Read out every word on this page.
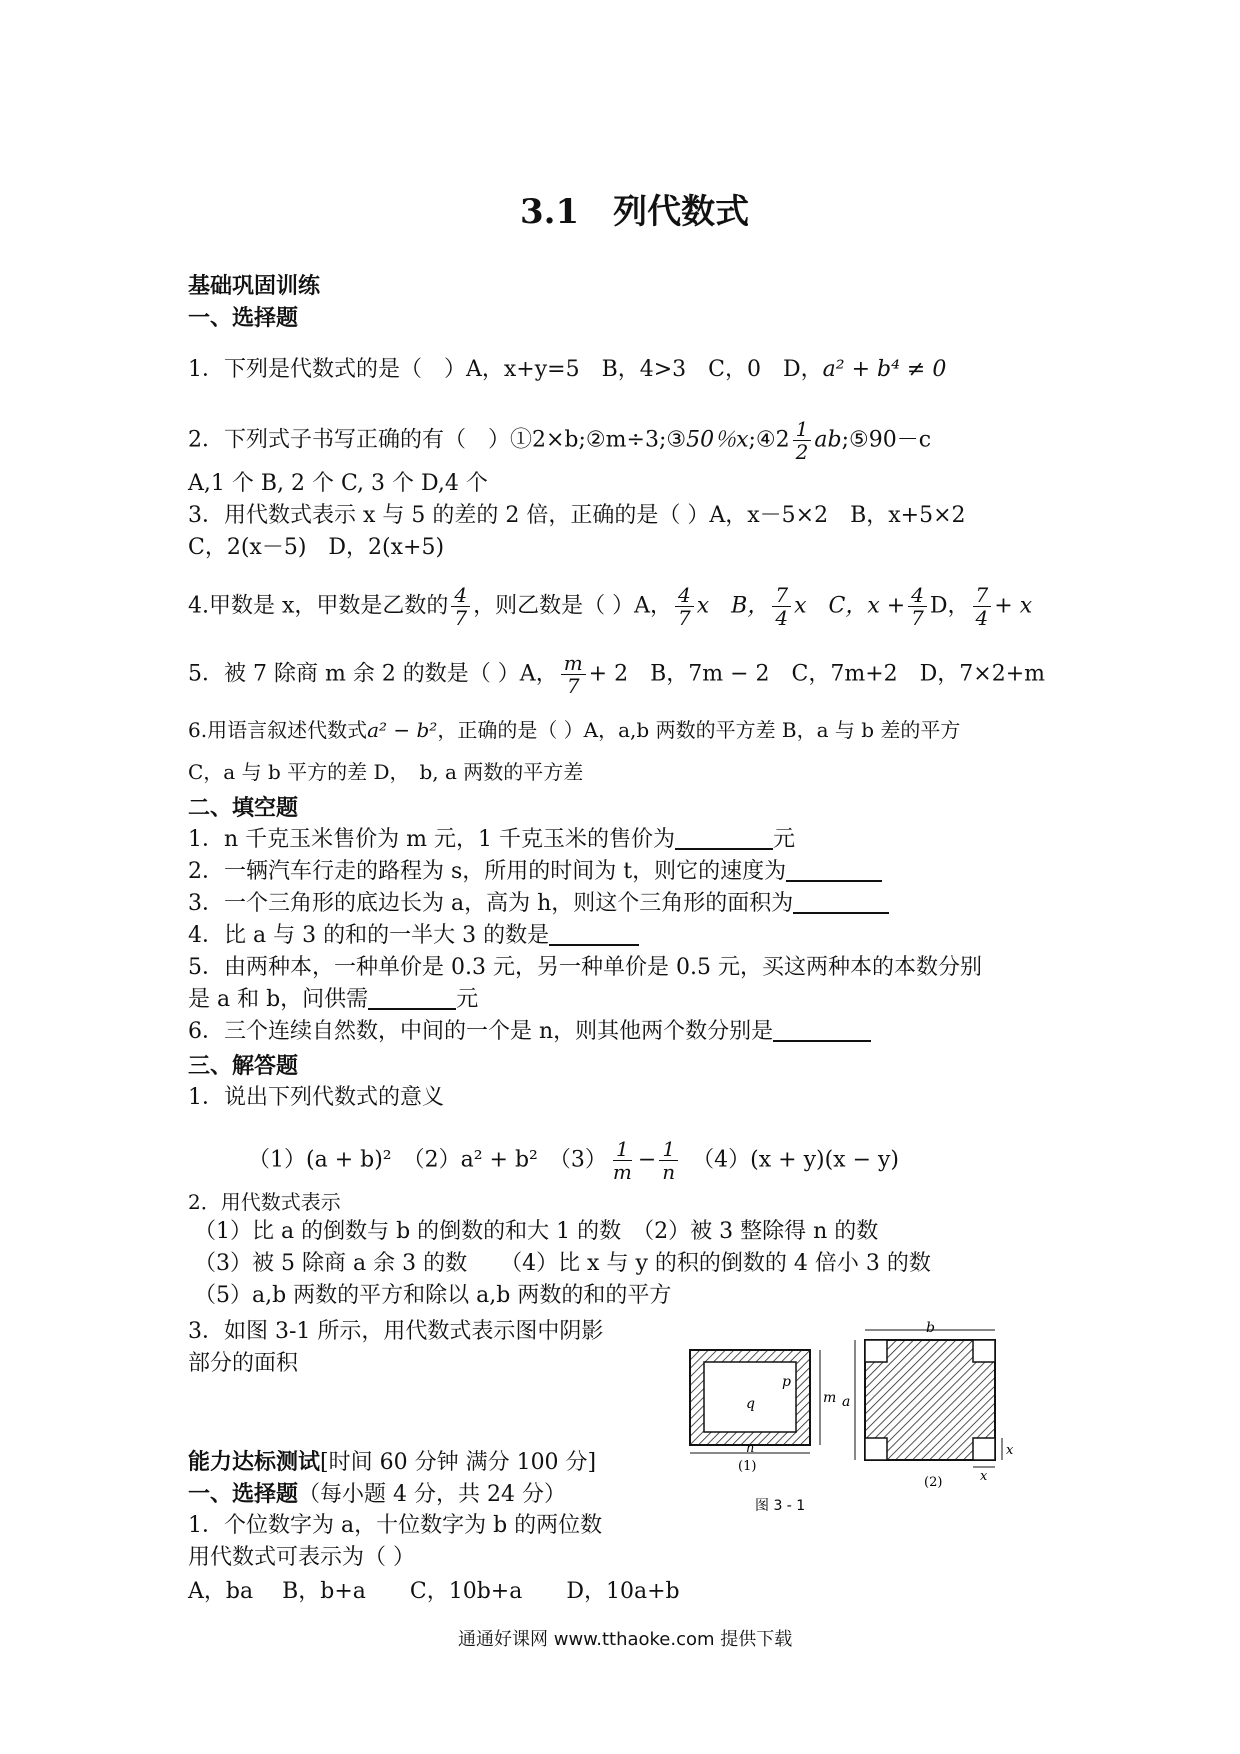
3.1　列代数式
基础巩固训练
一、选择题
1．下列是代数式的是（　）A，x+y=5　B，4>3　C，0　D，a² + b⁴ ≠ 0
2．下列式子书写正确的有（　）①2×b;②m÷3;③50％x;④2 $\frac{1}{2}$ ab;⑤90－c
A,1 个 B, 2 个 C, 3 个 D,4 个
3．用代数式表示 x 与 5 的差的 2 倍，正确的是（ ）A，x－5×2　B，x+5×2
C，2(x－5)　D，2(x+5)
4.甲数是 x，甲数是乙数的 $\frac{4}{7}$ ，则乙数是（ ）A， $\frac{4}{7}$ x　B， $\frac{7}{4}$ x　C，$x + \frac{4}{7}$ D， $\frac{7}{4} + x$
5．被 7 除商 m 余 2 的数是（ ）A， $\frac{m}{7} + 2$　B，7m − 2　C，7m+2　D，7×2+m
6.用语言叙述代数式a² − b²，正确的是（ ）A，a,b 两数的平方差 B，a 与 b 差的平方
C，a 与 b 平方的差 D，　b, a 两数的平方差
二、填空题
1．n 千克玉米售价为 m 元，1 千克玉米的售价为	元
2．一辆汽车行走的路程为 s，所用的时间为 t，则它的速度为
3．一个三角形的底边长为 a，高为 h，则这个三角形的面积为
4．比 a 与 3 的和的一半大 3 的数是
5．由两种本，一种单价是 0.3 元，另一种单价是 0.5 元，买这两种本的本数分别
是 a 和 b，问供需	元
6．三个连续自然数，中间的一个是 n，则其他两个数分别是
三、解答题
1．说出下列代数式的意义
（1）(a + b)²　（2）a² + b²　$(3) \frac{1}{m} - \frac{1}{n}$
　 （4）(x + y)(x − y)
2．用代数式表示
（1）比 a 的倒数与 b 的倒数的和大 1 的数　（2）被 3 整除得 n 的数
（3）被 5 除商 a 余 3 的数　　（4）比 x 与 y 的积的倒数的 4 倍小 3 的数
（5）a,b 两数的平方和除以 a,b 两数的和的平方
3．如图 3-1 所示，用代数式表示图中阴影
部分的面积
能力达标测试[时间 60 分钟 满分 100 分]
一、选择题（每小题 4 分，共 24 分）
1．个位数字为 a，十位数字为 b 的两位数
用代数式可表示为（ ）
A，ba　 B，b+a　　C，10b+a　　D，10a+b
p
q	m
n
(1)
b
a
x
x
(2)
图 3 - 1
通通好课网 www.tthaoke.com 提供下载
